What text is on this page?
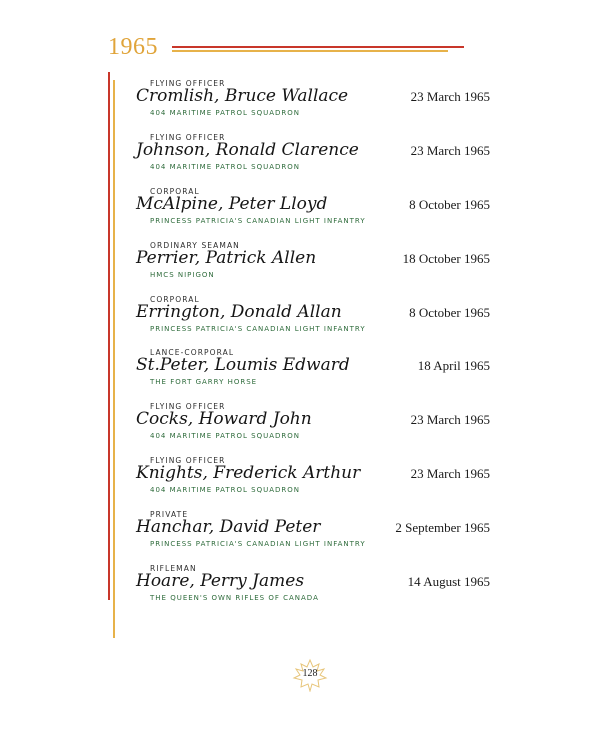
1965
FLYING OFFICER
Cromlish, Bruce Wallace
404 MARITIME PATROL SQUADRON
23 March 1965
FLYING OFFICER
Johnson, Ronald Clarence
404 MARITIME PATROL SQUADRON
23 March 1965
CORPORAL
McAlpine, Peter Lloyd
PRINCESS PATRICIA'S CANADIAN LIGHT INFANTRY
8 October 1965
ORDINARY SEAMAN
Perrier, Patrick Allen
HMCS NIPIGON
18 October 1965
CORPORAL
Errington, Donald Allan
PRINCESS PATRICIA'S CANADIAN LIGHT INFANTRY
8 October 1965
LANCE-CORPORAL
St.Peter, Loumis Edward
THE FORT GARRY HORSE
18 April 1965
FLYING OFFICER
Cocks, Howard John
404 MARITIME PATROL SQUADRON
23 March 1965
FLYING OFFICER
Knights, Frederick Arthur
404 MARITIME PATROL SQUADRON
23 March 1965
PRIVATE
Hanchar, David Peter
PRINCESS PATRICIA'S CANADIAN LIGHT INFANTRY
2 September 1965
RIFLEMAN
Hoare, Perry James
THE QUEEN'S OWN RIFLES OF CANADA
14 August 1965
128
